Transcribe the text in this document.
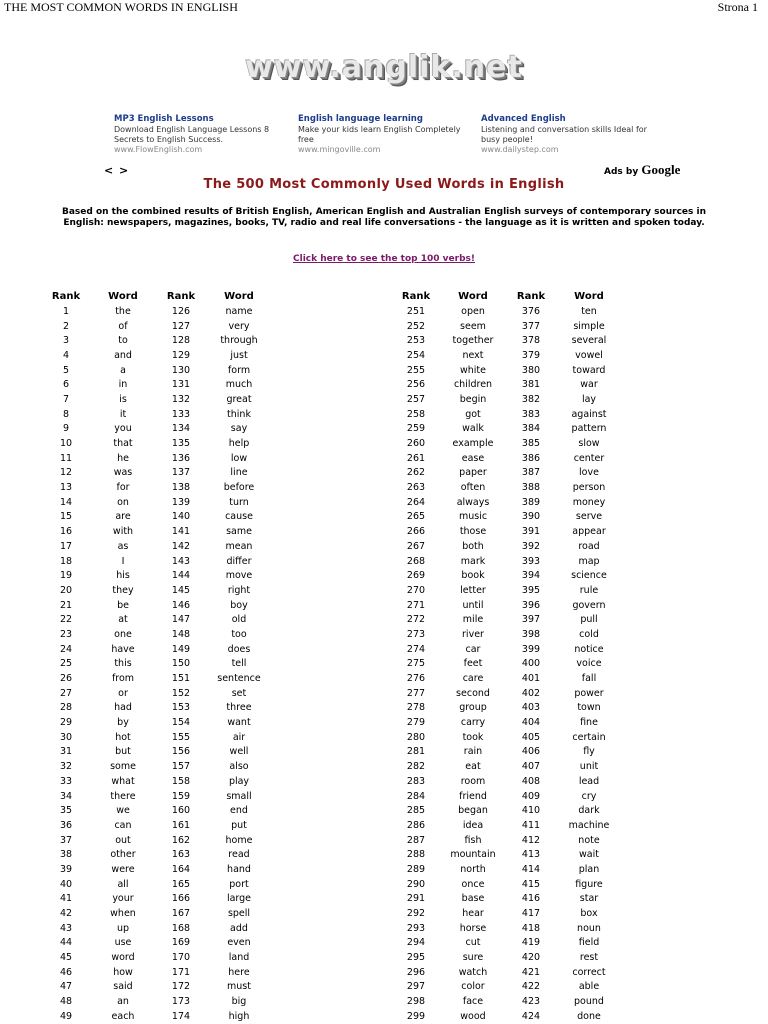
THE MOST COMMON WORDS IN ENGLISH	Strona 1
www.anglik.net
MP3 English Lessons
Download English Language Lessons 8 Secrets to English Success.
www.FlowEnglish.com
English language learning
Make your kids learn English Completely free
www.mingoville.com
Advanced English
Listening and conversation skills Ideal for busy people!
www.dailystep.com
< >	Ads by Google
The 500 Most Commonly Used Words in English
Based on the combined results of British English, American English and Australian English surveys of contemporary sources in English: newspapers, magazines, books, TV, radio and real life conversations - the language as it is written and spoken today.
Click here to see the top 100 verbs!
Rank	Word	Rank	Word
1	the	126	name
2	of	127	very
3	to	128	through
4	and	129	just
5	a	130	form
6	in	131	much
7	is	132	great
8	it	133	think
9	you	134	say
10	that	135	help
11	he	136	low
12	was	137	line
13	for	138	before
14	on	139	turn
15	are	140	cause
16	with	141	same
17	as	142	mean
18	I	143	differ
19	his	144	move
20	they	145	right
21	be	146	boy
22	at	147	old
23	one	148	too
24	have	149	does
25	this	150	tell
26	from	151	sentence
27	or	152	set
28	had	153	three
29	by	154	want
30	hot	155	air
31	but	156	well
32	some	157	also
33	what	158	play
34	there	159	small
35	we	160	end
36	can	161	put
37	out	162	home
38	other	163	read
39	were	164	hand
40	all	165	port
41	your	166	large
42	when	167	spell
43	up	168	add
44	use	169	even
45	word	170	land
46	how	171	here
47	said	172	must
48	an	173	big
49	each	174	high
Rank	Word	Rank	Word
251	open	376	ten
252	seem	377	simple
253	together	378	several
254	next	379	vowel
255	white	380	toward
256	children	381	war
257	begin	382	lay
258	got	383	against
259	walk	384	pattern
260	example	385	slow
261	ease	386	center
262	paper	387	love
263	often	388	person
264	always	389	money
265	music	390	serve
266	those	391	appear
267	both	392	road
268	mark	393	map
269	book	394	science
270	letter	395	rule
271	until	396	govern
272	mile	397	pull
273	river	398	cold
274	car	399	notice
275	feet	400	voice
276	care	401	fall
277	second	402	power
278	group	403	town
279	carry	404	fine
280	took	405	certain
281	rain	406	fly
282	eat	407	unit
283	room	408	lead
284	friend	409	cry
285	began	410	dark
286	idea	411	machine
287	fish	412	note
288	mountain	413	wait
289	north	414	plan
290	once	415	figure
291	base	416	star
292	hear	417	box
293	horse	418	noun
294	cut	419	field
295	sure	420	rest
296	watch	421	correct
297	color	422	able
298	face	423	pound
299	wood	424	done
